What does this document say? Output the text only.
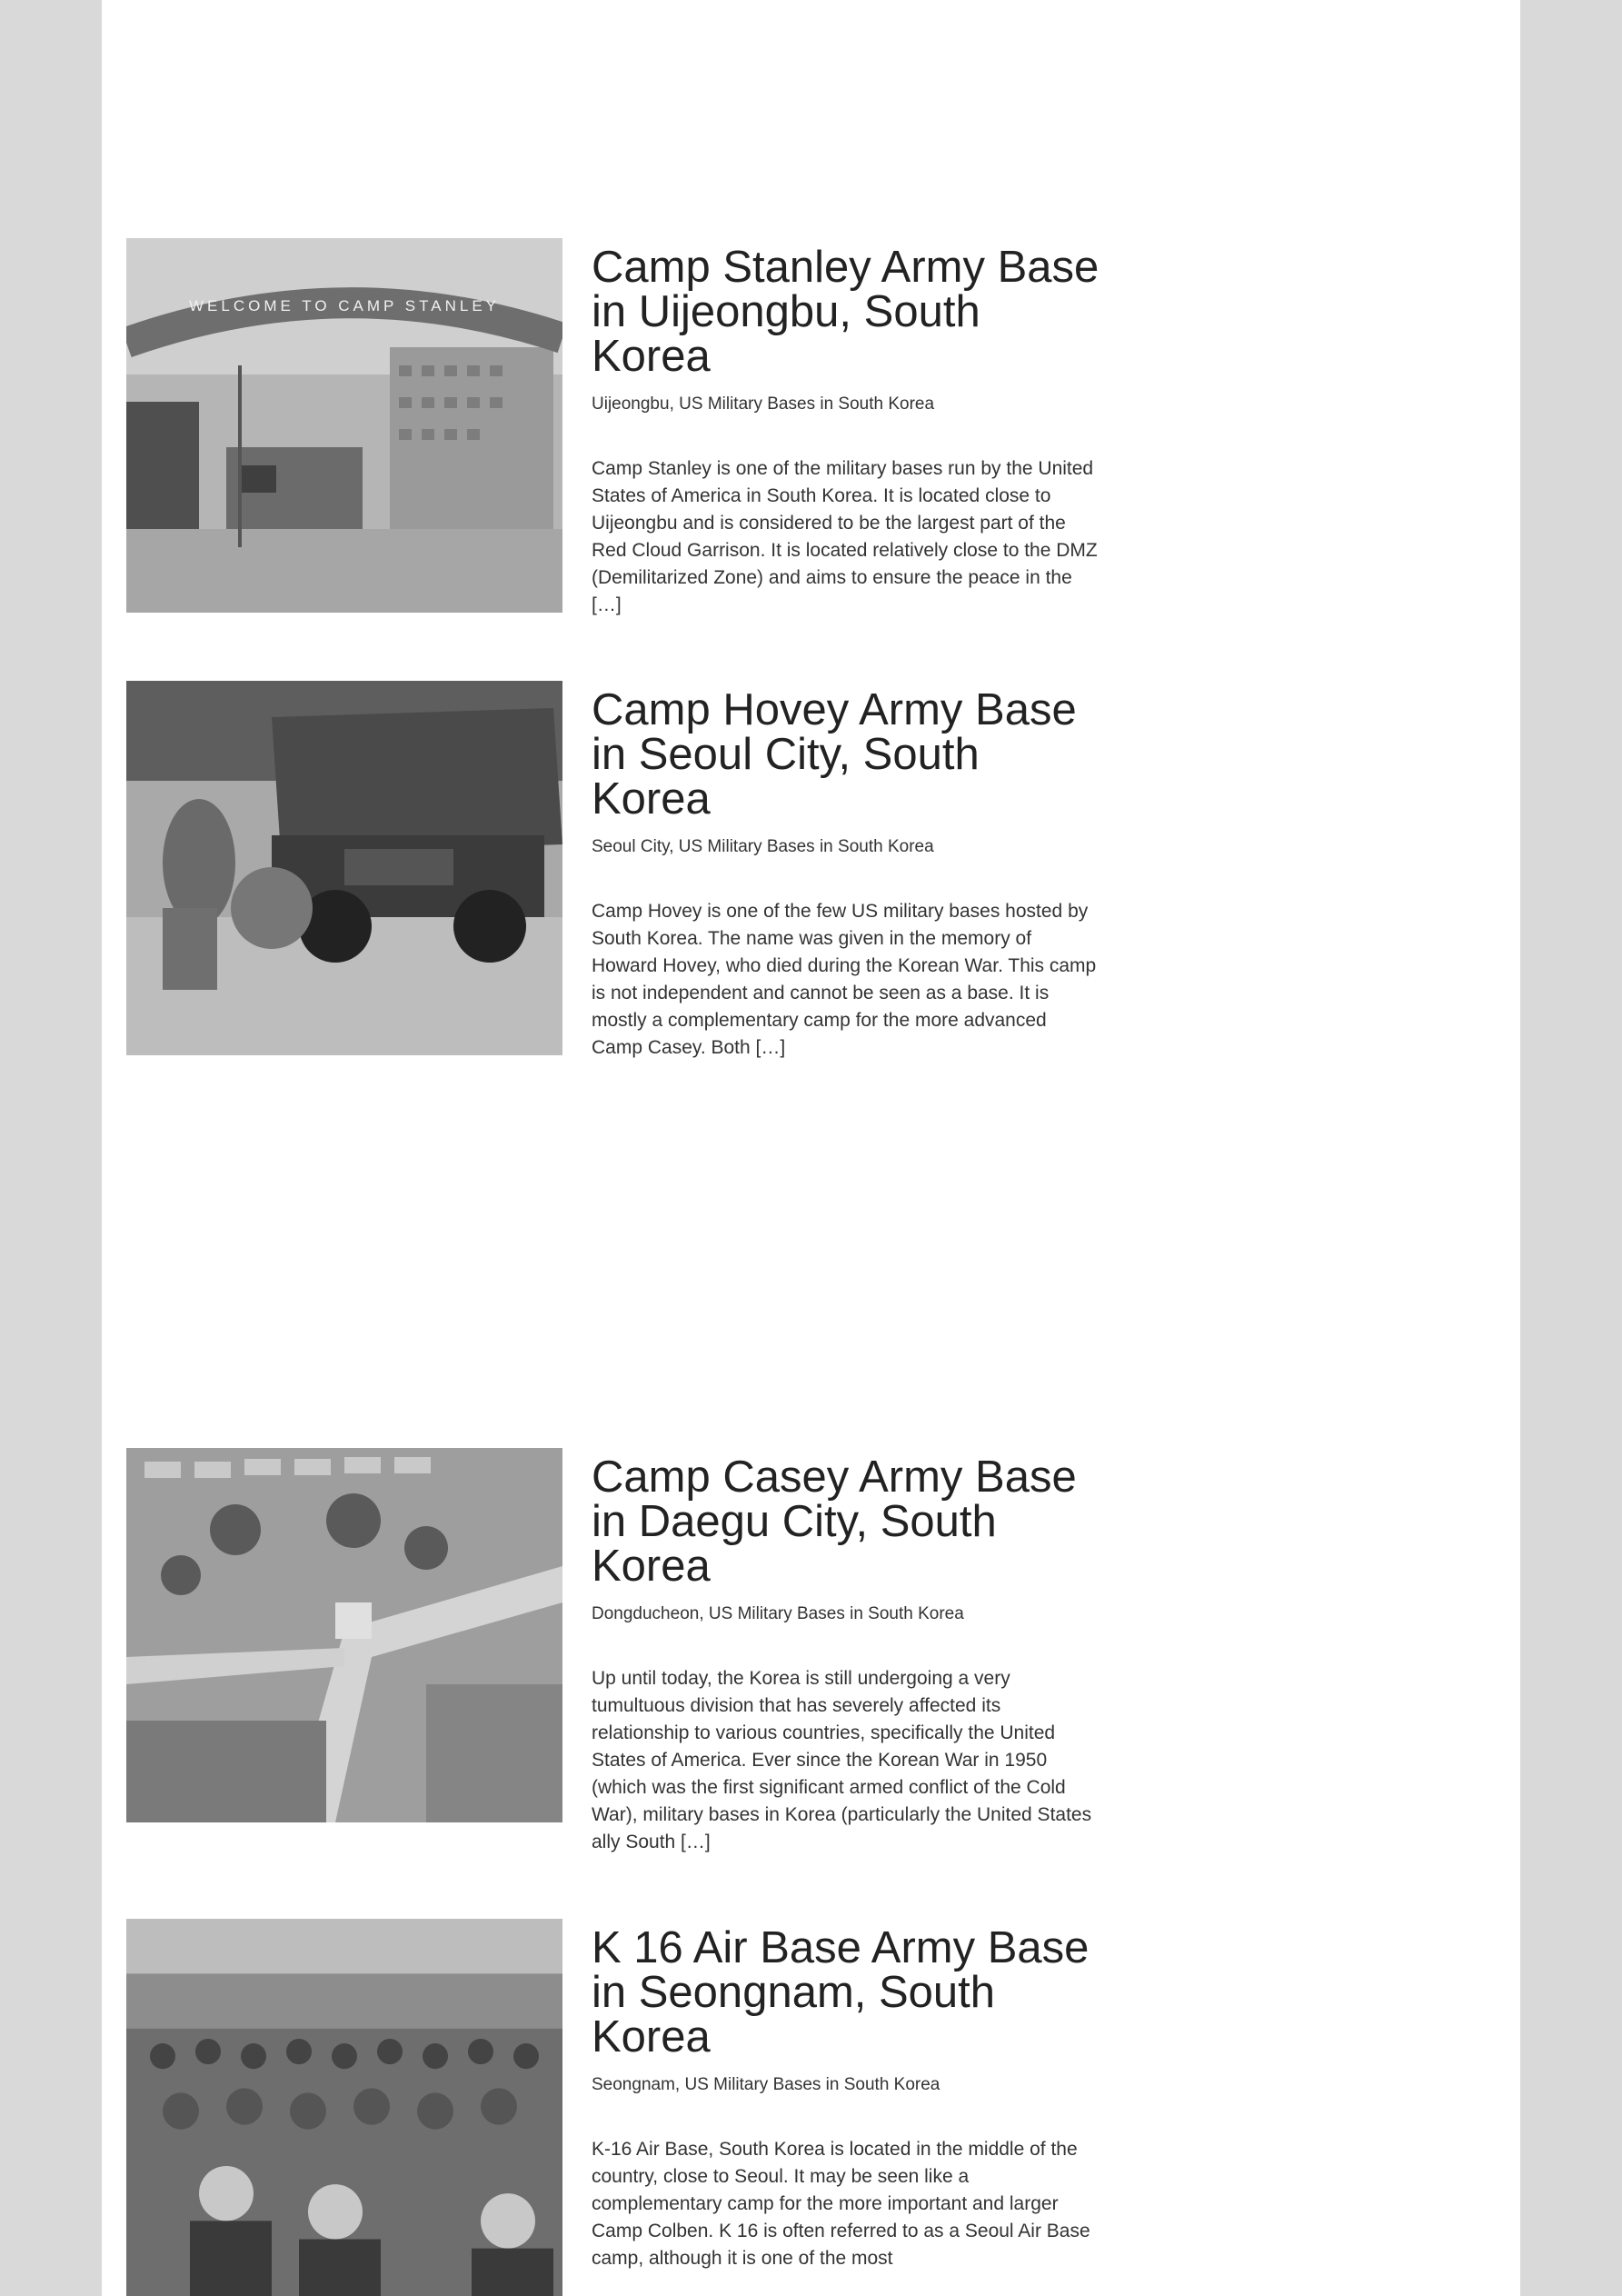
WELCOME TO CAMP STANLEY
Camp Stanley Army Base in Uijeongbu, South Korea
Uijeongbu, US Military Bases in South Korea
Camp Stanley is one of the military bases run by the United States of America in South Korea. It is located close to Uijeongbu and is considered to be the largest part of the Red Cloud Garrison. It is located relatively close to the DMZ (Demilitarized Zone) and aims to ensure the peace in the […]
Camp Hovey Army Base in Seoul City, South Korea
Seoul City, US Military Bases in South Korea
Camp Hovey is one of the few US military bases hosted by South Korea. The name was given in the memory of Howard Hovey, who died during the Korean War. This camp is not independent and cannot be seen as a base. It is mostly a complementary camp for the more advanced Camp Casey. Both […]
Camp Casey Army Base in Daegu City, South Korea
Dongducheon, US Military Bases in South Korea
Up until today, the Korea is still undergoing a very tumultuous division that has severely affected its relationship to various countries, specifically the United States of America. Ever since the Korean War in 1950 (which was the first significant armed conflict of the Cold War), military bases in Korea (particularly the United States ally South […]
K 16 Air Base Army Base in Seongnam, South Korea
Seongnam, US Military Bases in South Korea
K-16 Air Base, South Korea is located in the middle of the country, close to Seoul. It may be seen like a complementary camp for the more important and larger Camp Colben. K 16 is often referred to as a Seoul Air Base camp, although it is one of the most
